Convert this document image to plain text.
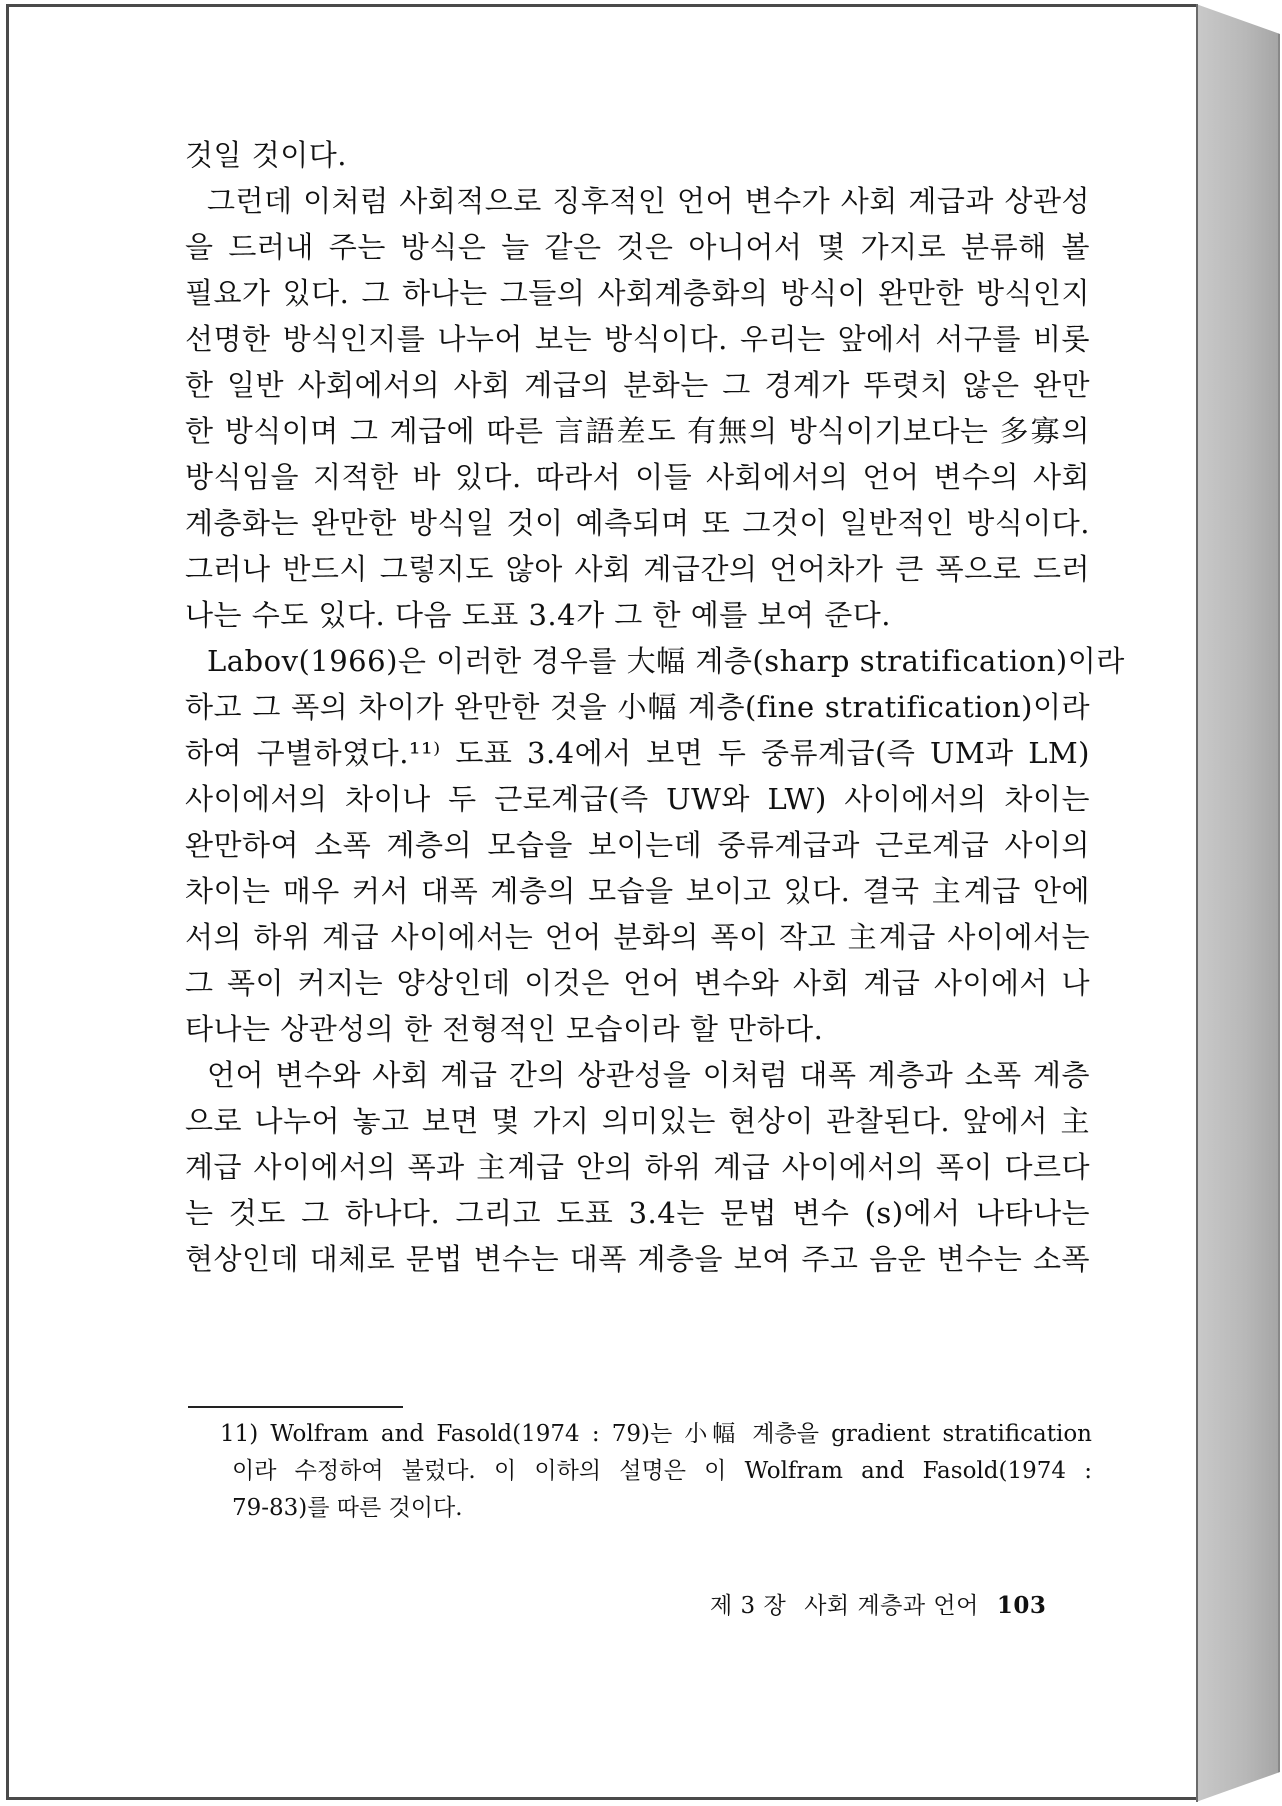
것일 것이다.
그런데 이처럼 사회적으로 징후적인 언어 변수가 사회 계급과 상관성
을 드러내 주는 방식은 늘 같은 것은 아니어서 몇 가지로 분류해 볼
필요가 있다. 그 하나는 그들의 사회계층화의 방식이 완만한 방식인지
선명한 방식인지를 나누어 보는 방식이다. 우리는 앞에서 서구를 비롯
한 일반 사회에서의 사회 계급의 분화는 그 경계가 뚜렷치 않은 완만
한 방식이며 그 계급에 따른 言語差도 有無의 방식이기보다는 多寡의
방식임을 지적한 바 있다. 따라서 이들 사회에서의 언어 변수의 사회
계층화는 완만한 방식일 것이 예측되며 또 그것이 일반적인 방식이다.
그러나 반드시 그렇지도 않아 사회 계급간의 언어차가 큰 폭으로 드러
나는 수도 있다. 다음 도표 3.4가 그 한 예를 보여 준다.
Labov(1966)은 이러한 경우를 大幅 계층(sharp stratification)이라
하고 그 폭의 차이가 완만한 것을 小幅 계층(fine stratification)이라
하여 구별하였다.¹¹⁾ 도표 3.4에서 보면 두 중류계급(즉 UM과 LM)
사이에서의 차이나 두 근로계급(즉 UW와 LW) 사이에서의 차이는
완만하여 소폭 계층의 모습을 보이는데 중류계급과 근로계급 사이의
차이는 매우 커서 대폭 계층의 모습을 보이고 있다. 결국 主계급 안에
서의 하위 계급 사이에서는 언어 분화의 폭이 작고 主계급 사이에서는
그 폭이 커지는 양상인데 이것은 언어 변수와 사회 계급 사이에서 나
타나는 상관성의 한 전형적인 모습이라 할 만하다.
언어 변수와 사회 계급 간의 상관성을 이처럼 대폭 계층과 소폭 계층
으로 나누어 놓고 보면 몇 가지 의미있는 현상이 관찰된다. 앞에서 主
계급 사이에서의 폭과 主계급 안의 하위 계급 사이에서의 폭이 다르다
는 것도 그 하나다. 그리고 도표 3.4는 문법 변수 (s)에서 나타나는
현상인데 대체로 문법 변수는 대폭 계층을 보여 주고 음운 변수는 소폭
11) Wolfram and Fasold(1974 : 79)는 小幅 계층을 gradient stratification
이라 수정하여 불렀다. 이 이하의 설명은 이 Wolfram and Fasold(1974 :
79-83)를 따른 것이다.
제 3 장 사회 계층과 언어 103
